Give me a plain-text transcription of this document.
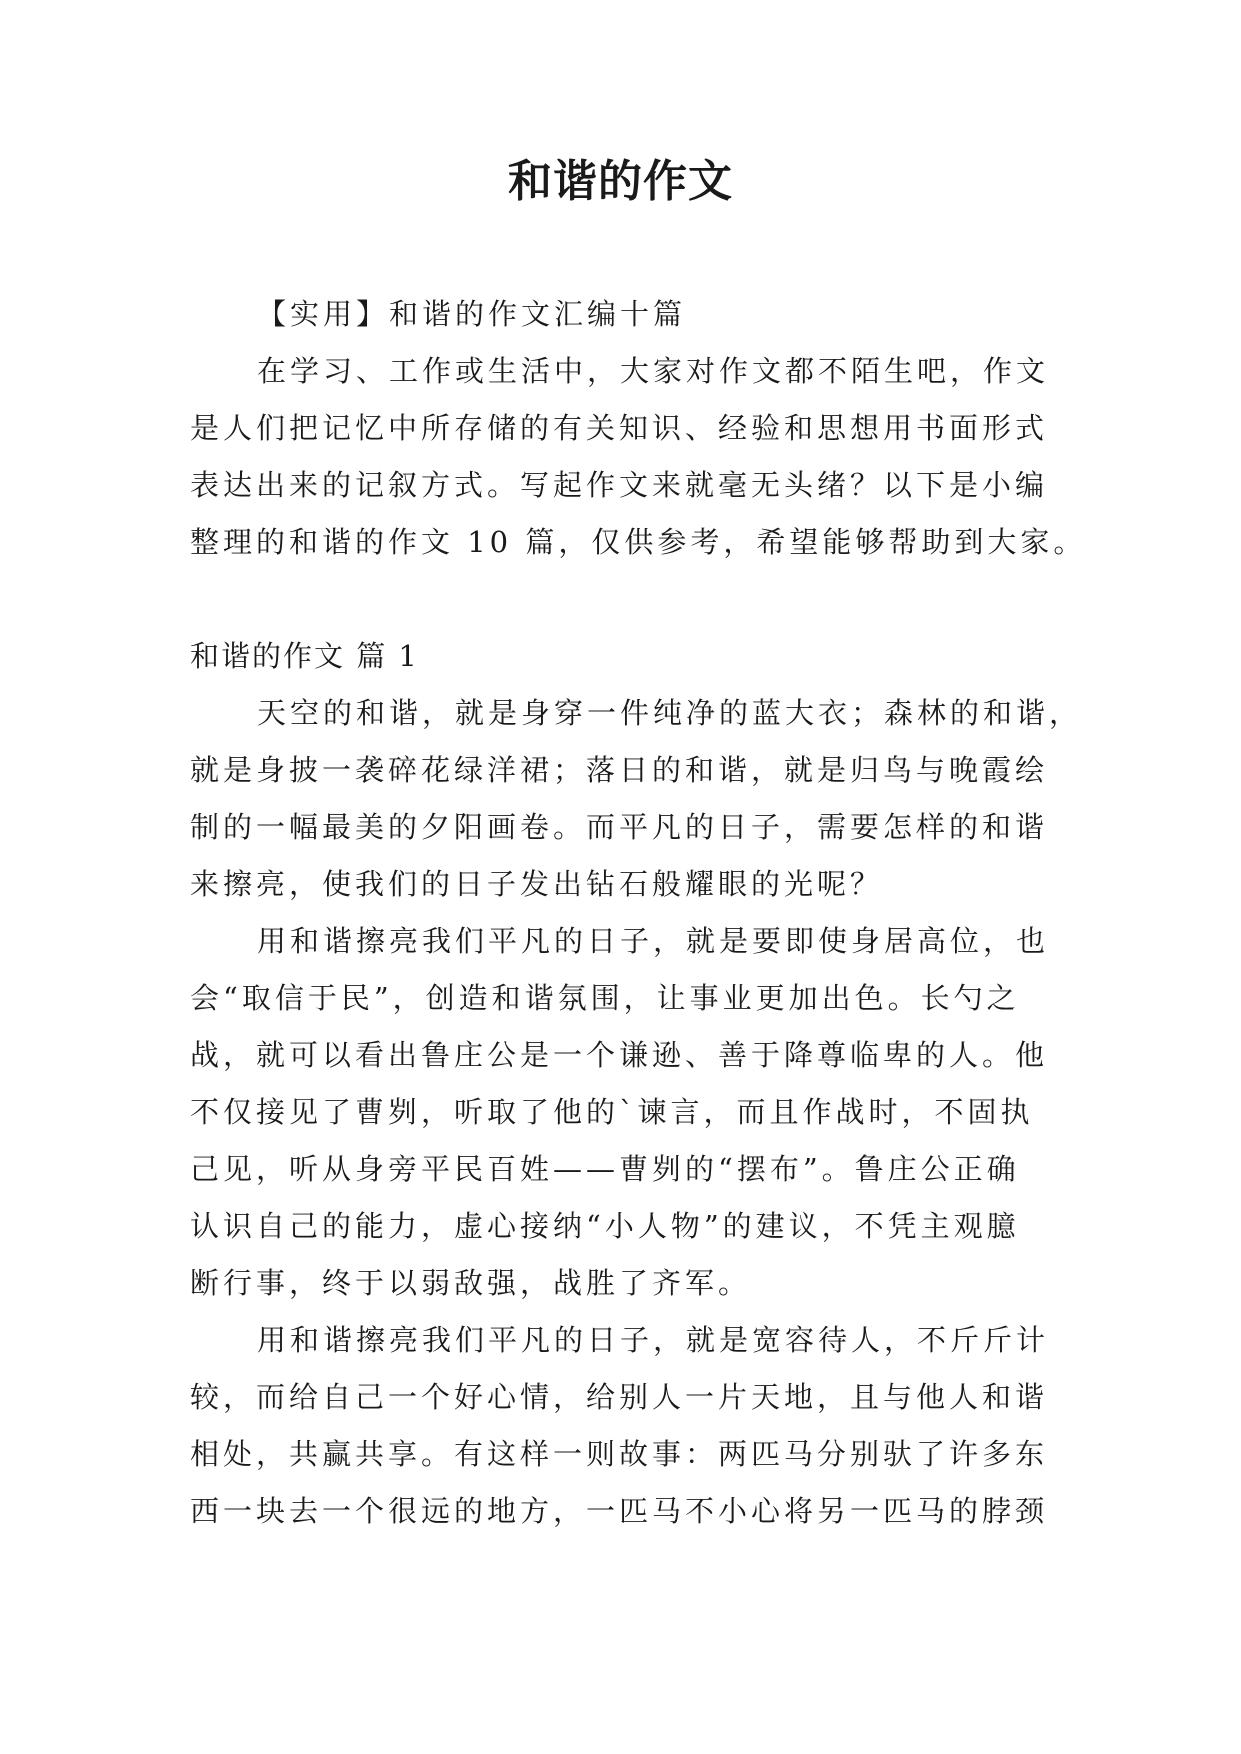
和谐的作文
【实用】和谐的作文汇编十篇
在学习、工作或生活中，大家对作文都不陌生吧，作文
是人们把记忆中所存储的有关知识、经验和思想用书面形式
表达出来的记叙方式。写起作文来就毫无头绪？以下是小编
整理的和谐的作文 10 篇，仅供参考，希望能够帮助到大家。
和谐的作文 篇 1
天空的和谐，就是身穿一件纯净的蓝大衣；森林的和谐，
就是身披一袭碎花绿洋裙；落日的和谐，就是归鸟与晚霞绘
制的一幅最美的夕阳画卷。而平凡的日子，需要怎样的和谐
来擦亮，使我们的日子发出钻石般耀眼的光呢？
用和谐擦亮我们平凡的日子，就是要即使身居高位，也
会“取信于民”，创造和谐氛围，让事业更加出色。长勺之
战，就可以看出鲁庄公是一个谦逊、善于降尊临卑的人。他
不仅接见了曹刿，听取了他的`谏言，而且作战时，不固执
己见，听从身旁平民百姓——曹刿的“摆布”。鲁庄公正确
认识自己的能力，虚心接纳“小人物”的建议，不凭主观臆
断行事，终于以弱敌强，战胜了齐军。
用和谐擦亮我们平凡的日子，就是宽容待人，不斤斤计
较，而给自己一个好心情，给别人一片天地，且与他人和谐
相处，共赢共享。有这样一则故事：两匹马分别驮了许多东
西一块去一个很远的地方，一匹马不小心将另一匹马的脖颈
